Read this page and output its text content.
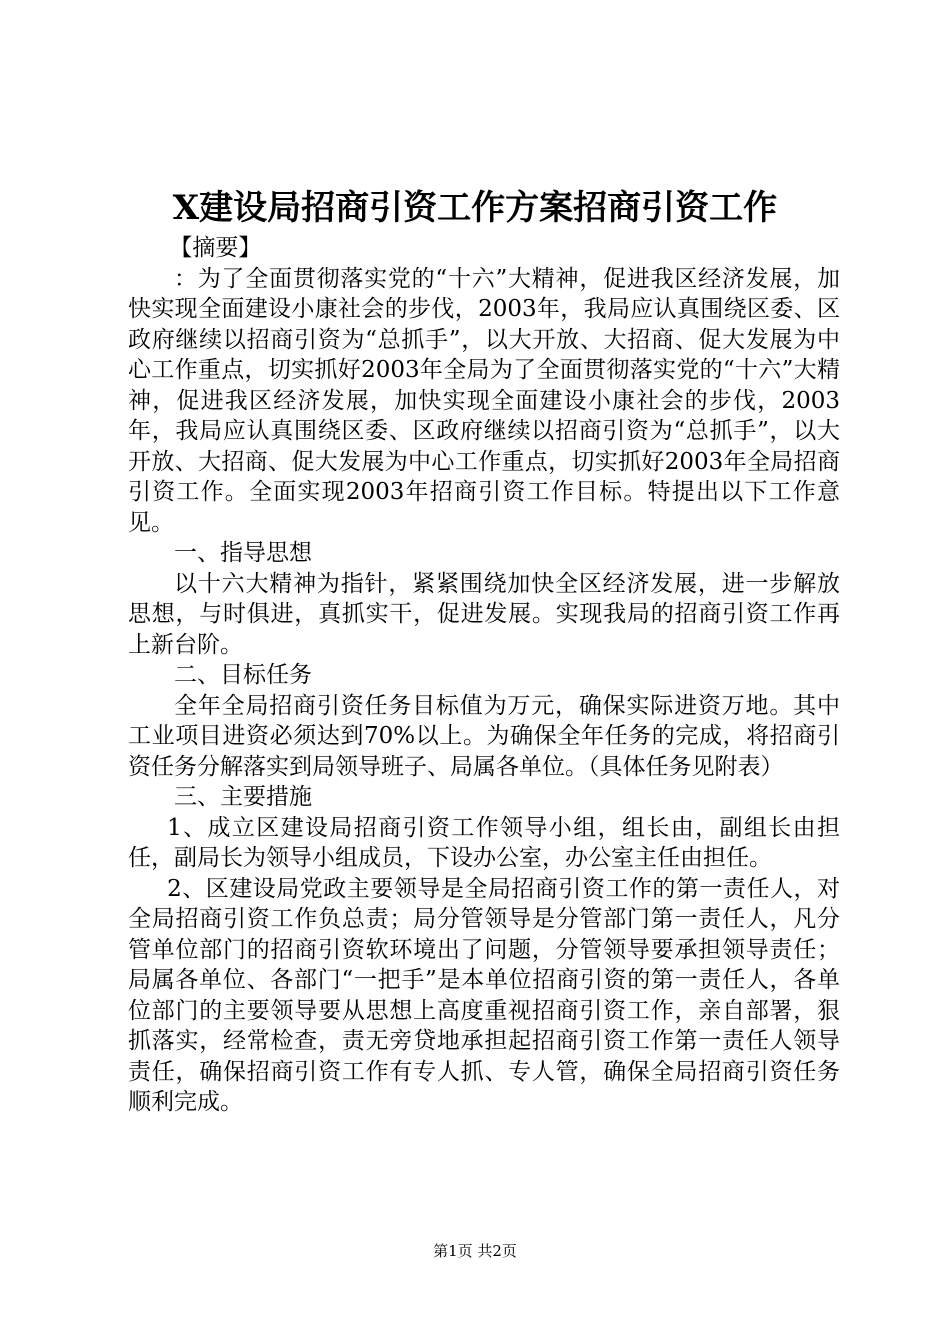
X建设局招商引资工作方案招商引资工作

【摘要】

：为了全面贯彻落实党的“十六”大精神，促进我区经济发展，加快实现全面建设小康社会的步伐，2003年，我局应认真围绕区委、区政府继续以招商引资为“总抓手”，以大开放、大招商、促大发展为中心工作重点，切实抓好2003年全局为了全面贯彻落实党的“十六”大精神，促进我区经济发展，加快实现全面建设小康社会的步伐，2003年，我局应认真围绕区委、区政府继续以招商引资为“总抓手”，以大开放、大招商、促大发展为中心工作重点，切实抓好2003年全局招商引资工作。全面实现2003年招商引资工作目标。特提出以下工作意见。

一、指导思想

以十六大精神为指针，紧紧围绕加快全区经济发展，进一步解放思想，与时俱进，真抓实干，促进发展。实现我局的招商引资工作再上新台阶。

二、目标任务

全年全局招商引资任务目标值为万元，确保实际进资万地。其中工业项目进资必须达到70%以上。为确保全年任务的完成，将招商引资任务分解落实到局领导班子、局属各单位。（具体任务见附表）

三、主要措施

1、成立区建设局招商引资工作领导小组，组长由，副组长由担任，副局长为领导小组成员，下设办公室，办公室主任由担任。

2、区建设局党政主要领导是全局招商引资工作的第一责任人，对全局招商引资工作负总责；局分管领导是分管部门第一责任人，凡分管单位部门的招商引资软环境出了问题，分管领导要承担领导责任；局属各单位、各部门“一把手”是本单位招商引资的第一责任人，各单位部门的主要领导要从思想上高度重视招商引资工作，亲自部署，狠抓落实，经常检查，责无旁贷地承担起招商引资工作第一责任人领导责任，确保招商引资工作有专人抓、专人管，确保全局招商引资任务顺利完成。

第1页 共2页
